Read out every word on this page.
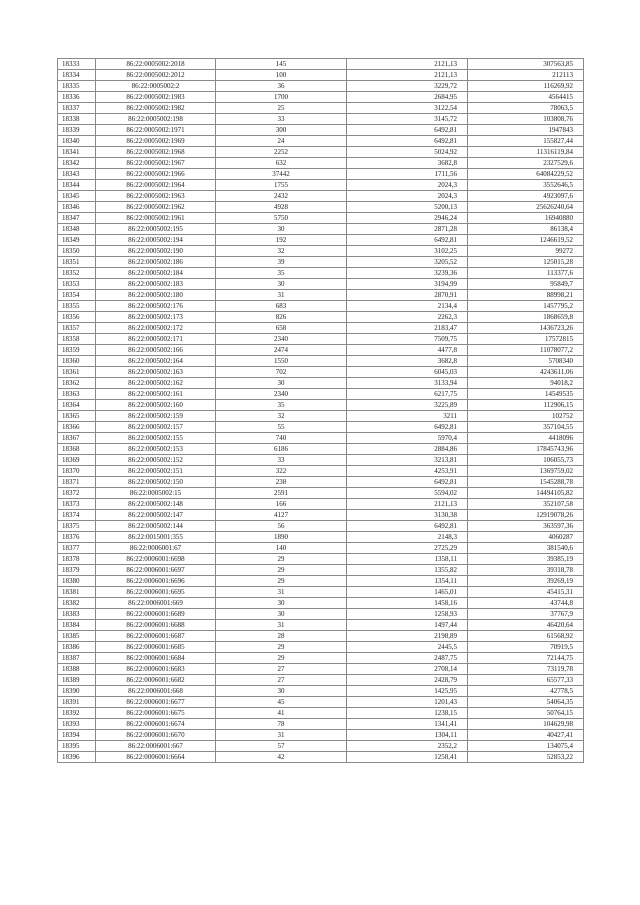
18333	86:22:0005002:2018	145	2121,13	307563,85
18334	86:22:0005002:2012	100	2121,13	212113
18335	86:22:0005002:2	36	3229,72	116269,92
18336	86:22:0005002:1983	1700	2684,95	4564415
18337	86:22:0005002:1982	25	3122,54	78063,5
18338	86:22:0005002:198	33	3145,72	103808,76
18339	86:22:0005002:1971	300	6492,81	1947843
18340	86:22:0005002:1969	24	6492,81	155827,44
18341	86:22:0005002:1968	2252	5024,92	11316119,84
18342	86:22:0005002:1967	632	3682,8	2327529,6
18343	86:22:0005002:1966	37442	1711,56	64084229,52
18344	86:22:0005002:1964	1755	2024,3	3552646,5
18345	86:22:0005002:1963	2432	2024,3	4923097,6
18346	86:22:0005002:1962	4928	5200,13	25626240,64
18347	86:22:0005002:1961	5750	2946,24	16940880
18348	86:22:0005002:195	30	2871,28	86138,4
18349	86:22:0005002:194	192	6492,81	1246619,52
18350	86:22:0005002:190	32	3102,25	99272
18351	86:22:0005002:186	39	3205,52	125015,28
18352	86:22:0005002:184	35	3239,36	113377,6
18353	86:22:0005002:183	30	3194,99	95849,7
18354	86:22:0005002:180	31	2870,91	88998,21
18355	86:22:0005002:176	683	2134,4	1457795,2
18356	86:22:0005002:173	826	2262,3	1868659,8
18357	86:22:0005002:172	658	2183,47	1436723,26
18358	86:22:0005002:171	2340	7509,75	17572815
18359	86:22:0005002:166	2474	4477,8	11078077,2
18360	86:22:0005002:164	1550	3682,8	5708340
18361	86:22:0005002:163	702	6045,03	4243611,06
18362	86:22:0005002:162	30	3133,94	94018,2
18363	86:22:0005002:161	2340	6217,75	14549535
18364	86:22:0005002:160	35	3225,89	112906,15
18365	86:22:0005002:159	32	3211	102752
18366	86:22:0005002:157	55	6492,81	357104,55
18367	86:22:0005002:155	740	5970,4	4418096
18368	86:22:0005002:153	6186	2884,86	17845743,96
18369	86:22:0005002:152	33	3213,81	106055,73
18370	86:22:0005002:151	322	4253,91	1369759,02
18371	86:22:0005002:150	238	6492,81	1545288,78
18372	86:22:0005002:15	2591	5594,02	14494105,82
18373	86:22:0005002:148	166	2121,13	352107,58
18374	86:22:0005002:147	4127	3130,38	12919078,26
18375	86:22:0005002:144	56	6492,81	363597,36
18376	86:22:0015001:355	1890	2148,3	4060287
18377	86:22:0006001:67	140	2725,29	381540,6
18378	86:22:0006001:6698	29	1358,11	39385,19
18379	86:22:0006001:6697	29	1355,82	39318,78
18380	86:22:0006001:6696	29	1354,11	39269,19
18381	86:22:0006001:6695	31	1465,01	45415,31
18382	86:22:0006001:669	30	1458,16	43744,8
18383	86:22:0006001:6689	30	1258,93	37767,9
18384	86:22:0006001:6688	31	1497,44	46420,64
18385	86:22:0006001:6687	28	2198,89	61568,92
18386	86:22:0006001:6685	29	2445,5	70919,5
18387	86:22:0006001:6684	29	2487,75	72144,75
18388	86:22:0006001:6683	27	2708,14	73119,78
18389	86:22:0006001:6682	27	2428,79	65577,33
18390	86:22:0006001:668	30	1425,95	42778,5
18391	86:22:0006001:6677	45	1201,43	54064,35
18392	86:22:0006001:6675	41	1238,15	50764,15
18393	86:22:0006001:6674	78	1341,41	104629,98
18394	86:22:0006001:6670	31	1304,11	40427,41
18395	86:22:0006001:667	57	2352,2	134075,4
18396	86:22:0006001:6664	42	1258,41	52853,22
